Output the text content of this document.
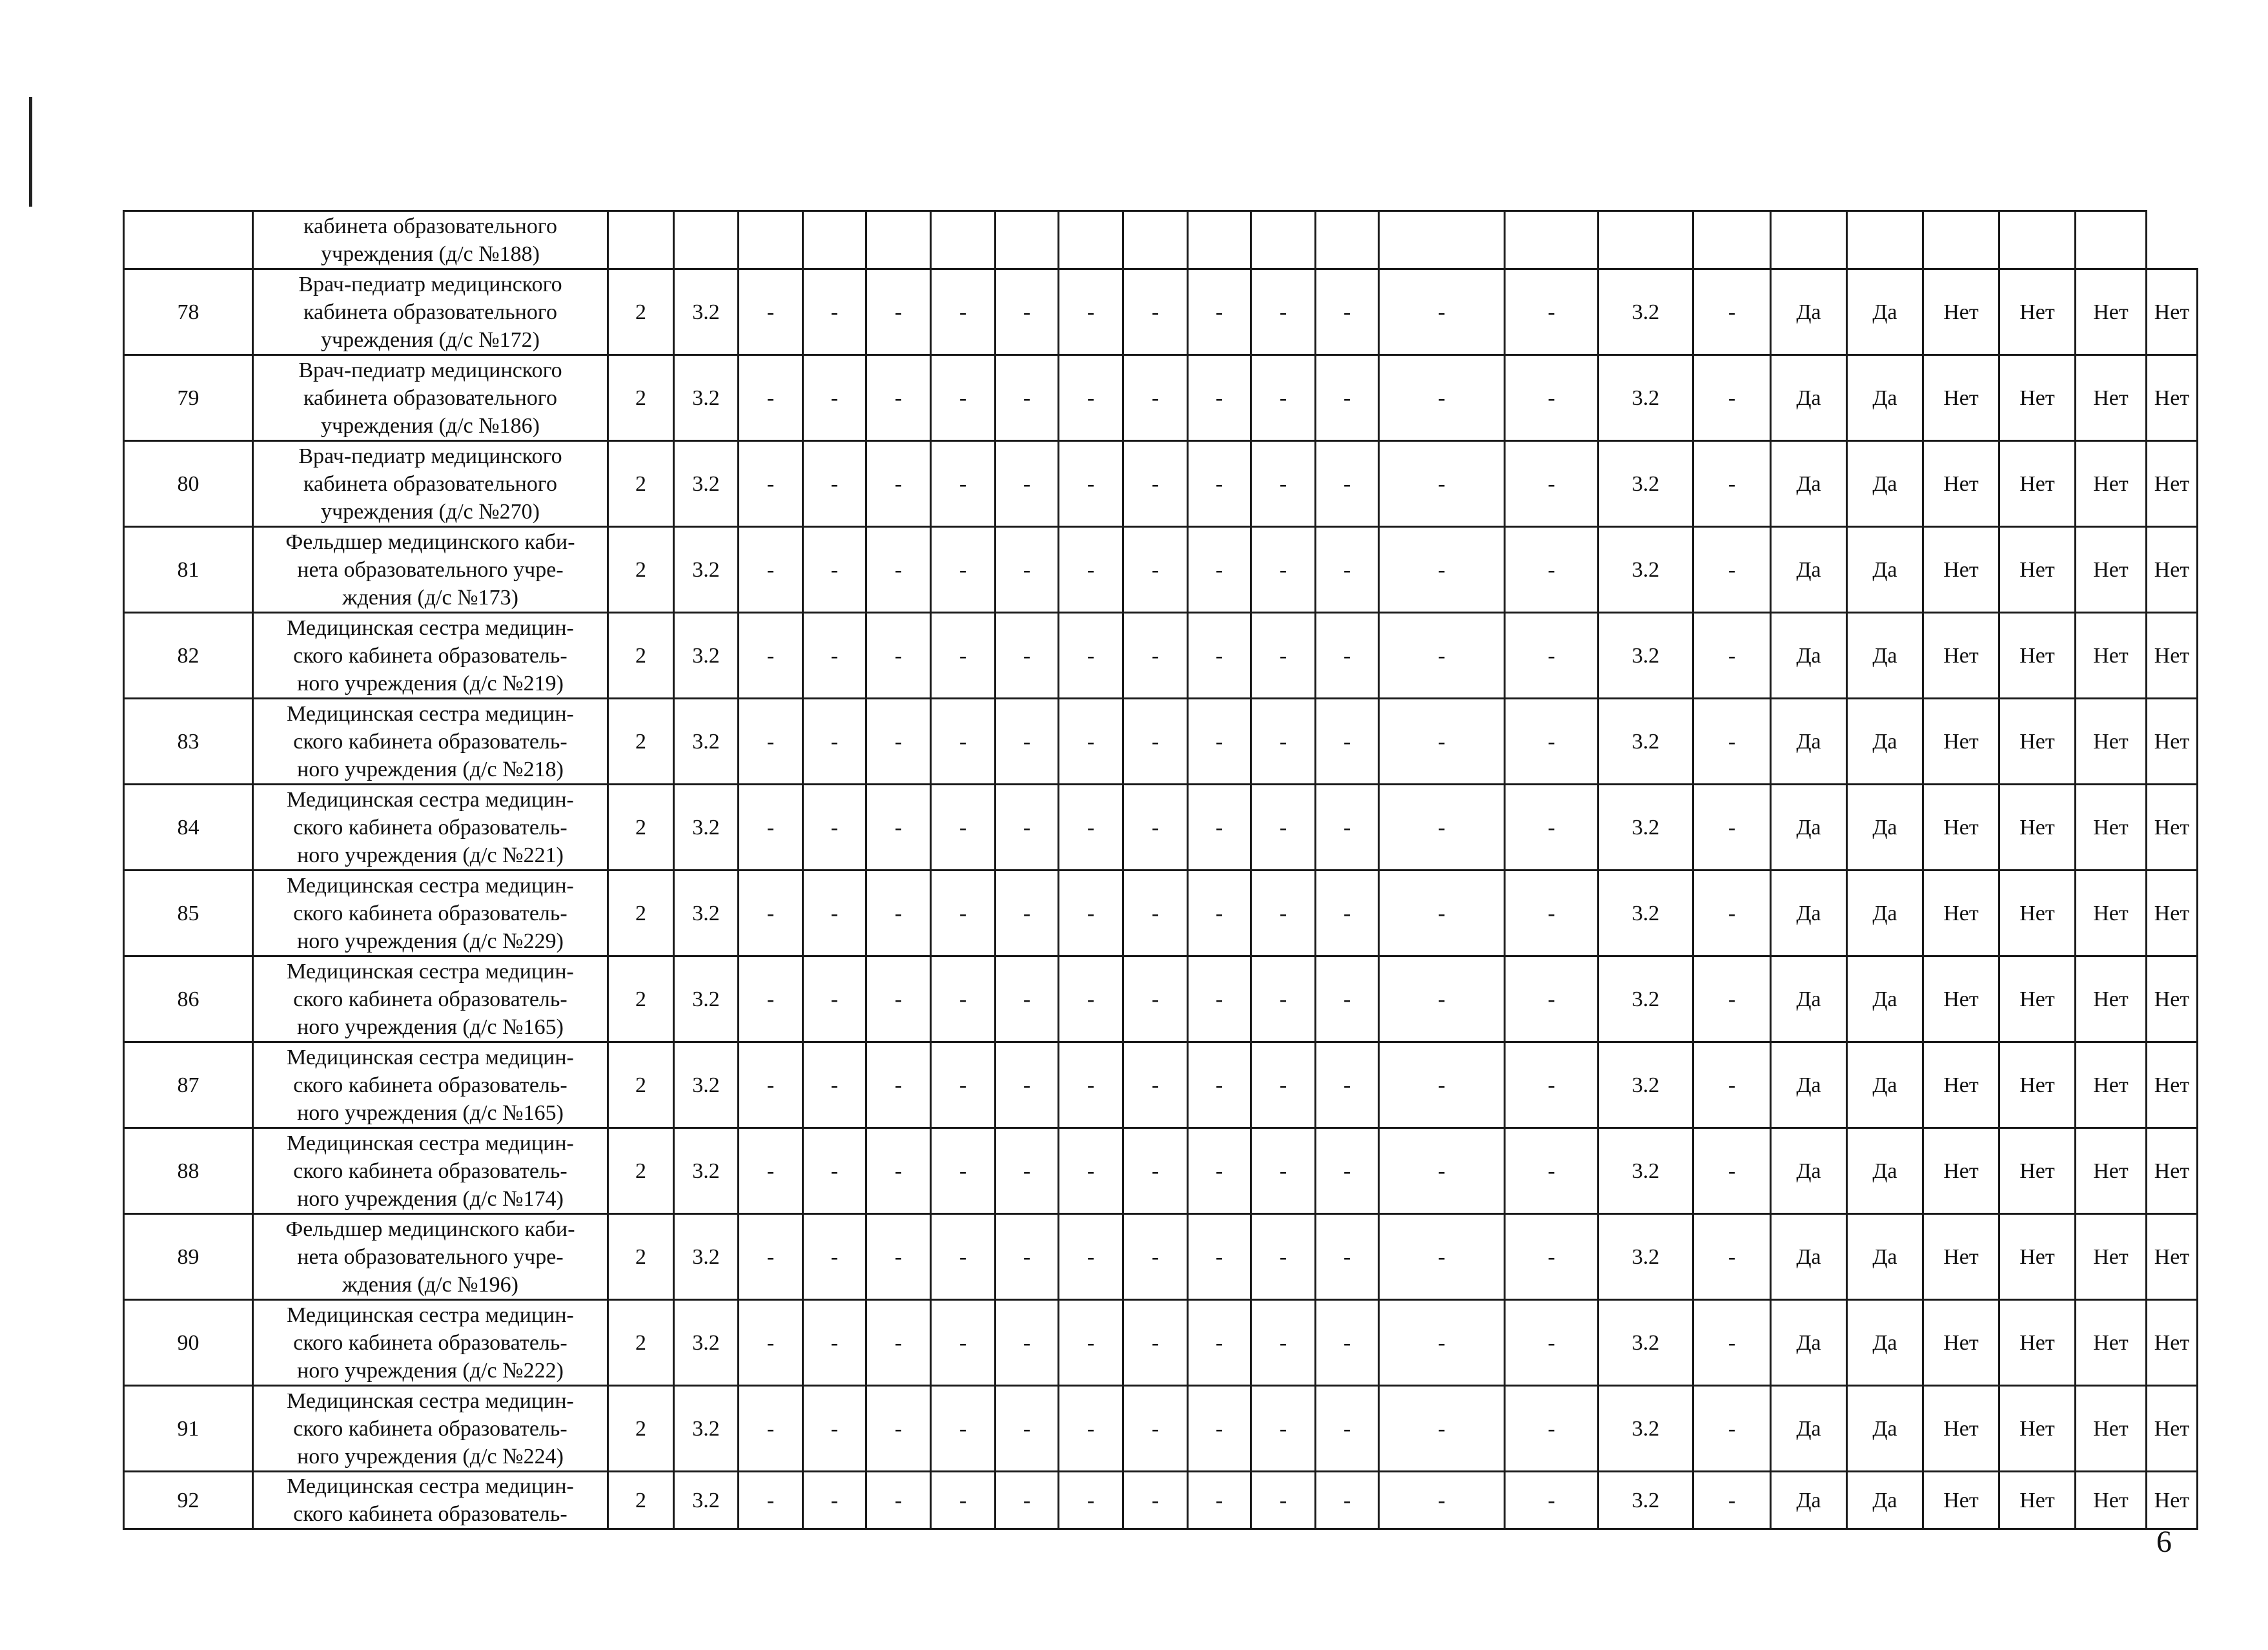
	кабинета образовательного
учреждения (д/с №188)																						
78	Врач-педиатр медицинского
кабинета образовательного
учреждения (д/с №172)	2	3.2	-	-	-	-	-	-	-	-	-	-	-	-	3.2	-	Да	Да	Нет	Нет	Нет	Нет
79	Врач-педиатр медицинского
кабинета образовательного
учреждения (д/с №186)	2	3.2	-	-	-	-	-	-	-	-	-	-	-	-	3.2	-	Да	Да	Нет	Нет	Нет	Нет
80	Врач-педиатр медицинского
кабинета образовательного
учреждения (д/с №270)	2	3.2	-	-	-	-	-	-	-	-	-	-	-	-	3.2	-	Да	Да	Нет	Нет	Нет	Нет
81	Фельдшер медицинского каби-
нета образовательного учре-
ждения (д/с №173)	2	3.2	-	-	-	-	-	-	-	-	-	-	-	-	3.2	-	Да	Да	Нет	Нет	Нет	Нет
82	Медицинская сестра медицин-
ского кабинета образователь-
ного учреждения (д/с №219)	2	3.2	-	-	-	-	-	-	-	-	-	-	-	-	3.2	-	Да	Да	Нет	Нет	Нет	Нет
83	Медицинская сестра медицин-
ского кабинета образователь-
ного учреждения (д/с №218)	2	3.2	-	-	-	-	-	-	-	-	-	-	-	-	3.2	-	Да	Да	Нет	Нет	Нет	Нет
84	Медицинская сестра медицин-
ского кабинета образователь-
ного учреждения (д/с №221)	2	3.2	-	-	-	-	-	-	-	-	-	-	-	-	3.2	-	Да	Да	Нет	Нет	Нет	Нет
85	Медицинская сестра медицин-
ского кабинета образователь-
ного учреждения (д/с №229)	2	3.2	-	-	-	-	-	-	-	-	-	-	-	-	3.2	-	Да	Да	Нет	Нет	Нет	Нет
86	Медицинская сестра медицин-
ского кабинета образователь-
ного учреждения (д/с №165)	2	3.2	-	-	-	-	-	-	-	-	-	-	-	-	3.2	-	Да	Да	Нет	Нет	Нет	Нет
87	Медицинская сестра медицин-
ского кабинета образователь-
ного учреждения (д/с №165)	2	3.2	-	-	-	-	-	-	-	-	-	-	-	-	3.2	-	Да	Да	Нет	Нет	Нет	Нет
88	Медицинская сестра медицин-
ского кабинета образователь-
ного учреждения (д/с №174)	2	3.2	-	-	-	-	-	-	-	-	-	-	-	-	3.2	-	Да	Да	Нет	Нет	Нет	Нет
89	Фельдшер медицинского каби-
нета образовательного учре-
ждения (д/с №196)	2	3.2	-	-	-	-	-	-	-	-	-	-	-	-	3.2	-	Да	Да	Нет	Нет	Нет	Нет
90	Медицинская сестра медицин-
ского кабинета образователь-
ного учреждения (д/с №222)	2	3.2	-	-	-	-	-	-	-	-	-	-	-	-	3.2	-	Да	Да	Нет	Нет	Нет	Нет
91	Медицинская сестра медицин-
ского кабинета образователь-
ного учреждения (д/с №224)	2	3.2	-	-	-	-	-	-	-	-	-	-	-	-	3.2	-	Да	Да	Нет	Нет	Нет	Нет
92	Медицинская сестра медицин-
ского кабинета образователь-	2	3.2	-	-	-	-	-	-	-	-	-	-	-	-	3.2	-	Да	Да	Нет	Нет	Нет	Нет
6
